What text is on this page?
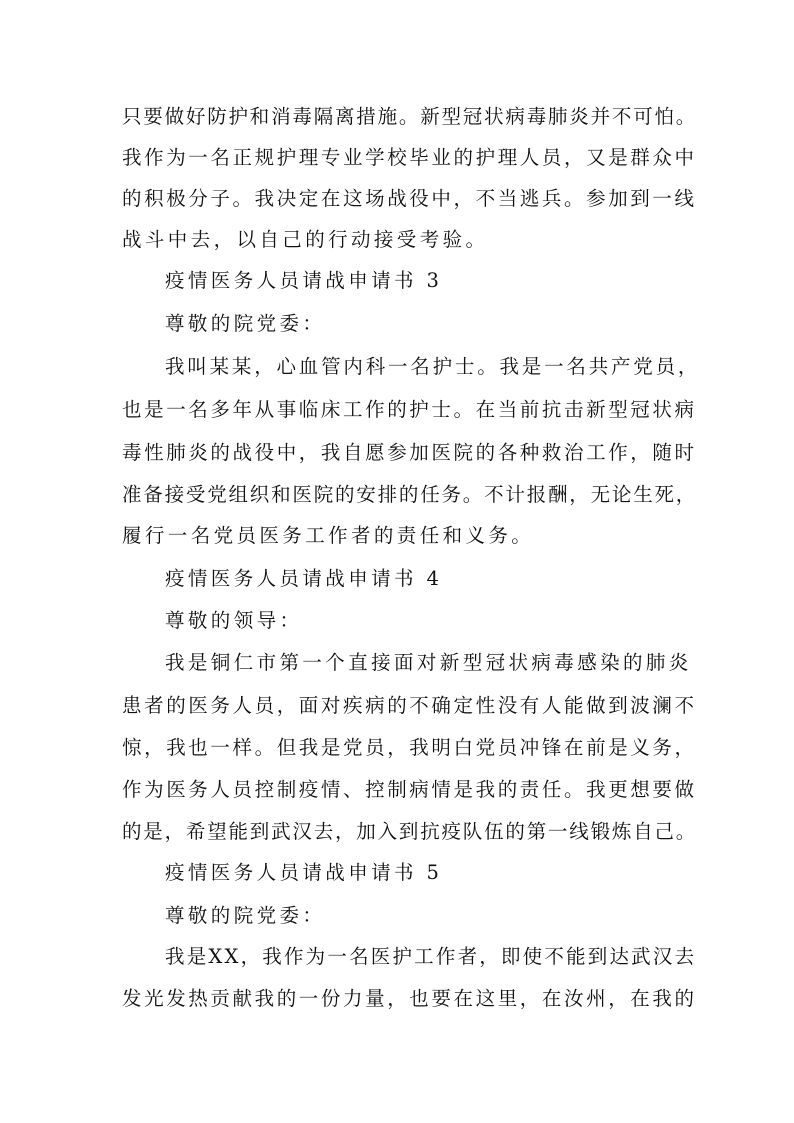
只要做好防护和消毒隔离措施。新型冠状病毒肺炎并不可怕。

我作为一名正规护理专业学校毕业的护理人员，又是群众中

的积极分子。我决定在这场战役中，不当逃兵。参加到一线

战斗中去，以自己的行动接受考验。

疫情医务人员请战申请书 3

尊敬的院党委：

我叫某某，心血管内科一名护士。我是一名共产党员，

也是一名多年从事临床工作的护士。在当前抗击新型冠状病

毒性肺炎的战役中，我自愿参加医院的各种救治工作，随时

准备接受党组织和医院的安排的任务。不计报酬，无论生死，

履行一名党员医务工作者的责任和义务。

疫情医务人员请战申请书 4

尊敬的领导：

我是铜仁市第一个直接面对新型冠状病毒感染的肺炎

患者的医务人员，面对疾病的不确定性没有人能做到波澜不

惊，我也一样。但我是党员，我明白党员冲锋在前是义务，

作为医务人员控制疫情、控制病情是我的责任。我更想要做

的是，希望能到武汉去，加入到抗疫队伍的第一线锻炼自己。

疫情医务人员请战申请书 5

尊敬的院党委：

我是XX，我作为一名医护工作者，即使不能到达武汉去

发光发热贡献我的一份力量，也要在这里，在汝州，在我的
